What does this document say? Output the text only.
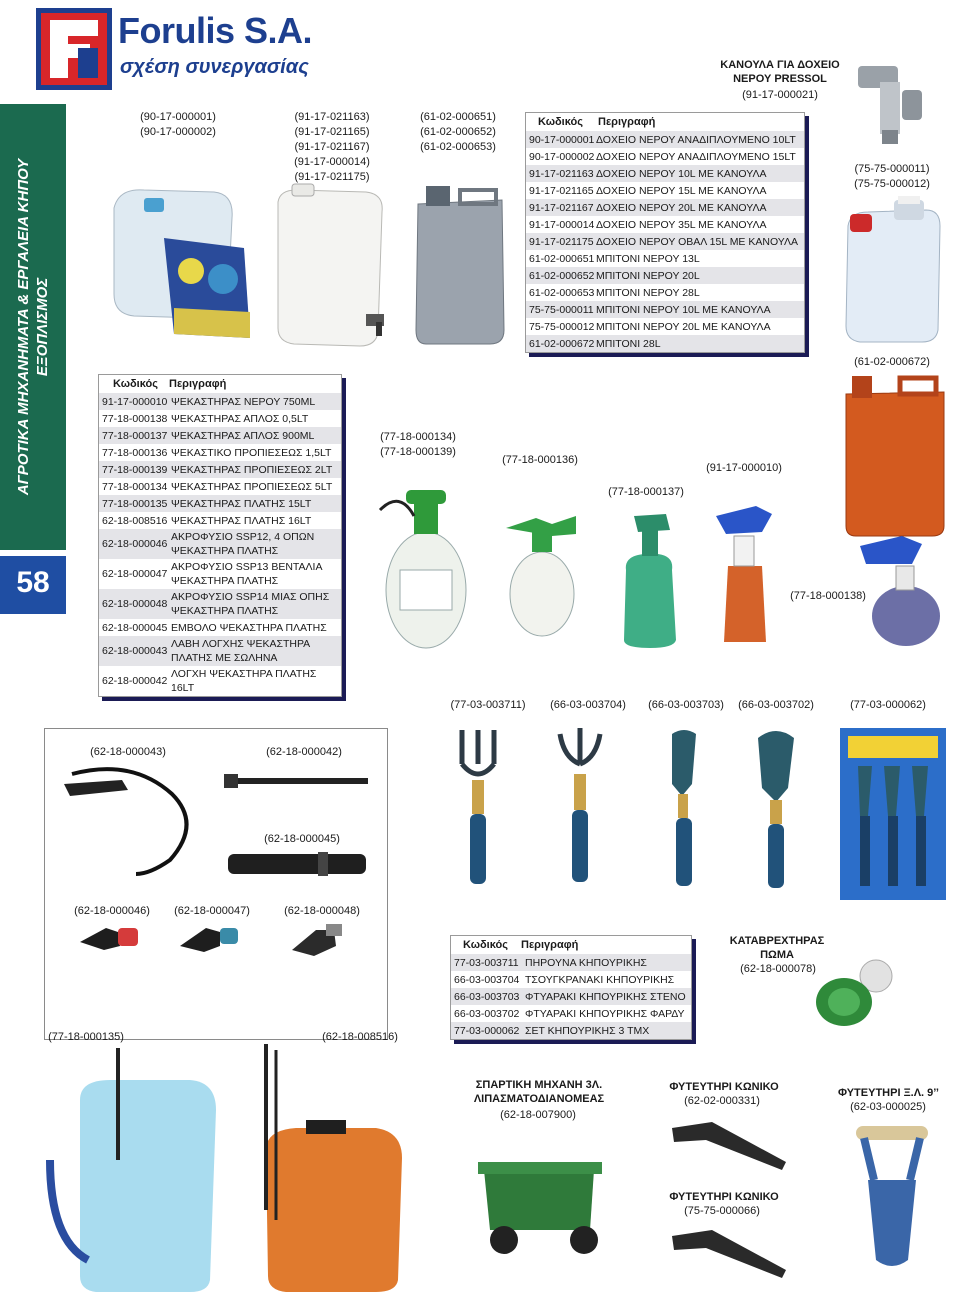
Forulis S.A.
σχέση συνεργασίας
ΑΓΡΟΤΙΚΑ ΜΗΧΑΝΗΜΑΤΑ & ΕΡΓΑΛΕΙΑ ΚΗΠΟΥ ΕΞΟΠΛΙΣΜΟΣ
58
(90-17-000001)
(90-17-000002)
(91-17-021163)
(91-17-021165)
(91-17-021167)
(91-17-000014)
(91-17-021175)
(61-02-000651)
(61-02-000652)
(61-02-000653)
ΚΑΝΟΥΛΑ ΓΙΑ ΔΟΧΕΙΟ
ΝΕΡΟΥ PRESSOL
(91-17-000021)
(75-75-000011)
(75-75-000012)
(61-02-000672)
Κωδικός	Περιγραφή
90-17-000001 ΔΟΧΕΙΟ ΝΕΡΟΥ ΑΝΑΔΙΠΛΟΥΜΕΝΟ 10LT
90-17-000002 ΔΟΧΕΙΟ ΝΕΡΟΥ ΑΝΑΔΙΠΛΟΥΜΕΝΟ 15LT
91-17-021163 ΔΟΧΕΙΟ ΝΕΡΟΥ 10L ΜΕ ΚΑΝΟΥΛΑ
91-17-021165 ΔΟΧΕΙΟ ΝΕΡΟΥ 15L ΜΕ ΚΑΝΟΥΛΑ
91-17-021167 ΔΟΧΕΙΟ ΝΕΡΟΥ 20L ΜΕ ΚΑΝΟΥΛΑ
91-17-000014 ΔΟΧΕΙΟ ΝΕΡΟΥ 35L ΜΕ ΚΑΝΟΥΛΑ
91-17-021175 ΔΟΧΕΙΟ ΝΕΡΟΥ ΟΒΑΛ 15L ΜΕ ΚΑΝΟΥΛΑ
61-02-000651 ΜΠΙΤΟΝΙ ΝΕΡΟΥ 13L
61-02-000652 ΜΠΙΤΟΝΙ ΝΕΡΟΥ 20L
61-02-000653 ΜΠΙΤΟΝΙ ΝΕΡΟΥ 28L
75-75-000011 ΜΠΙΤΟΝΙ ΝΕΡΟΥ 10L ΜΕ ΚΑΝΟΥΛΑ
75-75-000012 ΜΠΙΤΟΝΙ ΝΕΡΟΥ 20L ΜΕ ΚΑΝΟΥΛΑ
61-02-000672 ΜΠΙΤΟΝΙ 28L
Κωδικός	Περιγραφή
91-17-000010 ΨΕΚΑΣΤΗΡΑΣ ΝΕΡΟΥ 750ML
77-18-000138 ΨΕΚΑΣΤΗΡΑΣ ΑΠΛΟΣ 0,5LT
77-18-000137 ΨΕΚΑΣΤΗΡΑΣ ΑΠΛΟΣ 900ML
77-18-000136 ΨΕΚΑΣΤΙΚΟ ΠΡΟΠΙΕΣΕΩΣ 1,5LT
77-18-000139 ΨΕΚΑΣΤΗΡΑΣ ΠΡΟΠΙΕΣΕΩΣ 2LT
77-18-000134 ΨΕΚΑΣΤΗΡΑΣ ΠΡΟΠΙΕΣΕΩΣ 5LT
77-18-000135 ΨΕΚΑΣΤΗΡΑΣ ΠΛΑΤΗΣ 15LT
62-18-008516 ΨΕΚΑΣΤΗΡΑΣ ΠΛΑΤΗΣ 16LT
62-18-000046
ΑΚΡΟΦΥΣΙΟ SSP12, 4 ΟΠΩΝ ΨΕΚΑΣΤΗΡΑ ΠΛΑΤΗΣ
62-18-000047
ΑΚΡΟΦΥΣΙΟ SSP13 ΒΕΝΤΑΛΙΑ ΨΕΚΑΣΤΗΡΑ ΠΛΑΤΗΣ
62-18-000048
ΑΚΡΟΦΥΣΙΟ SSP14 ΜΙΑΣ ΟΠΗΣ ΨΕΚΑΣΤΗΡΑ ΠΛΑΤΗΣ
62-18-000045 ΕΜΒΟΛΟ ΨΕΚΑΣΤΗΡΑ ΠΛΑΤΗΣ
62-18-000043
ΛΑΒΗ ΛΟΓΧΗΣ ΨΕΚΑΣΤΗΡΑ ΠΛΑΤΗΣ ΜΕ ΣΩΛΗΝΑ
62-18-000042
ΛΟΓΧΗ ΨΕΚΑΣΤΗΡΑ ΠΛΑΤΗΣ 16LT
(77-18-000134)
(77-18-000139)
(77-18-000136)
(77-18-000137)
(91-17-000010)
(77-18-000138)
(77-03-003711) (66-03-003704) (66-03-003703) (66-03-003702)	(77-03-000062)
Κωδικός	Περιγραφή
77-03-003711 ΠΗΡΟΥΝΑ ΚΗΠΟΥΡΙΚΗΣ
66-03-003704 ΤΣΟΥΓΚΡΑΝΑΚΙ ΚΗΠΟΥΡΙΚΗΣ
66-03-003703 ΦΤΥΑΡΑΚΙ ΚΗΠΟΥΡΙΚΗΣ ΣΤΕΝΟ
66-03-003702 ΦΤΥΑΡΑΚΙ ΚΗΠΟΥΡΙΚΗΣ ΦΑΡΔΥ
77-03-000062 ΣΕΤ ΚΗΠΟΥΡΙΚΗΣ 3 ΤΜΧ
(62-18-000043)	(62-18-000042)
(62-18-000045)
(62-18-000046)	(62-18-000047)	(62-18-000048)
(77-18-000135)	(62-18-008516)
ΚΑΤΑΒΡΕΧΤΗΡΑΣ
ΠΩΜΑ
(62-18-000078)
ΣΠΑΡΤΙΚΗ ΜΗΧΑΝΗ 3Λ.
ΛΙΠΑΣΜΑΤΟΔΙΑΝΟΜΕΑΣ
(62-18-007900)
ΦΥΤΕΥΤΗΡΙ ΚΩΝΙΚΟ
(62-02-000331)
ΦΥΤΕΥΤΗΡΙ ΚΩΝΙΚΟ
(75-75-000066)
ΦΥΤΕΥΤΗΡΙ Ξ.Λ. 9’’
(62-03-000025)
